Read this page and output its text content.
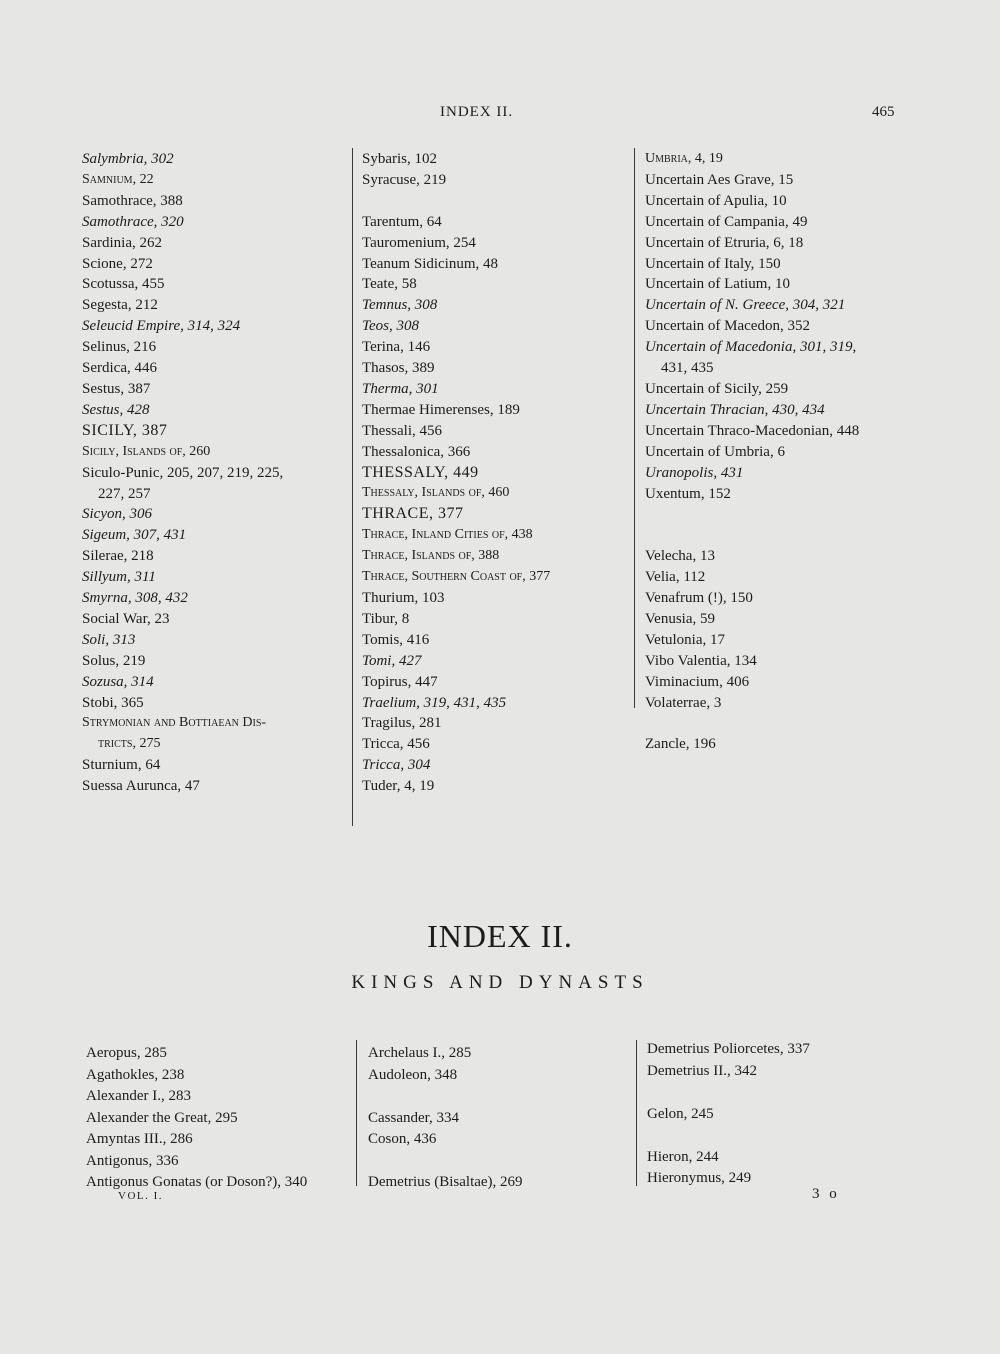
INDEX II.	465
Salymbria, 302
Samnium, 22
Samothrace, 388
Samothrace, 320
Sardinia, 262
Scione, 272
Scotussa, 455
Segesta, 212
Seleucid Empire, 314, 324
Selinus, 216
Serdica, 446
Sestus, 387
Sestus, 428
SICILY, 387
Sicily, Islands of, 260
Siculo-Punic, 205, 207, 219, 225,
227, 257
Sicyon, 306
Sigeum, 307, 431
Silerae, 218
Sillyum, 311
Smyrna, 308, 432
Social War, 23
Soli, 313
Solus, 219
Sozusa, 314
Stobi, 365
Strymonian and Bottiaean Dis-
tricts, 275
Sturnium, 64
Suessa Aurunca, 47
Sybaris, 102
Syracuse, 219
Tarentum, 64
Tauromenium, 254
Teanum Sidicinum, 48
Teate, 58
Temnus, 308
Teos, 308
Terina, 146
Thasos, 389
Therma, 301
Thermae Himerenses, 189
Thessali, 456
Thessalonica, 366
THESSALY, 449
Thessaly, Islands of, 460
THRACE, 377
Thrace, Inland Cities of, 438
Thrace, Islands of, 388
Thrace, Southern Coast of, 377
Thurium, 103
Tibur, 8
Tomis, 416
Tomi, 427
Topirus, 447
Traelium, 319, 431, 435
Tragilus, 281
Tricca, 456
Tricca, 304
Tuder, 4, 19
Umbria, 4, 19
Uncertain Aes Grave, 15
Uncertain of Apulia, 10
Uncertain of Campania, 49
Uncertain of Etruria, 6, 18
Uncertain of Italy, 150
Uncertain of Latium, 10
Uncertain of N. Greece, 304, 321
Uncertain of Macedon, 352
Uncertain of Macedonia, 301, 319,
431, 435
Uncertain of Sicily, 259
Uncertain Thracian, 430, 434
Uncertain Thraco-Macedonian, 448
Uncertain of Umbria, 6
Uranopolis, 431
Uxentum, 152
Velecha, 13
Velia, 112
Venafrum (!), 150
Venusia, 59
Vetulonia, 17
Vibo Valentia, 134
Viminacium, 406
Volaterrae, 3
Zancle, 196
INDEX II.
KINGS AND DYNASTS
Aeropus, 285
Agathokles, 238
Alexander I., 283
Alexander the Great, 295
Amyntas III., 286
Antigonus, 336
Antigonus Gonatas (or Doson?), 340
Archelaus I., 285
Audoleon, 348
Cassander, 334
Coson, 436
Demetrius (Bisaltae), 269
Demetrius Poliorcetes, 337
Demetrius II., 342
Gelon, 245
Hieron, 244
Hieronymus, 249
VOL. I.	3 o
